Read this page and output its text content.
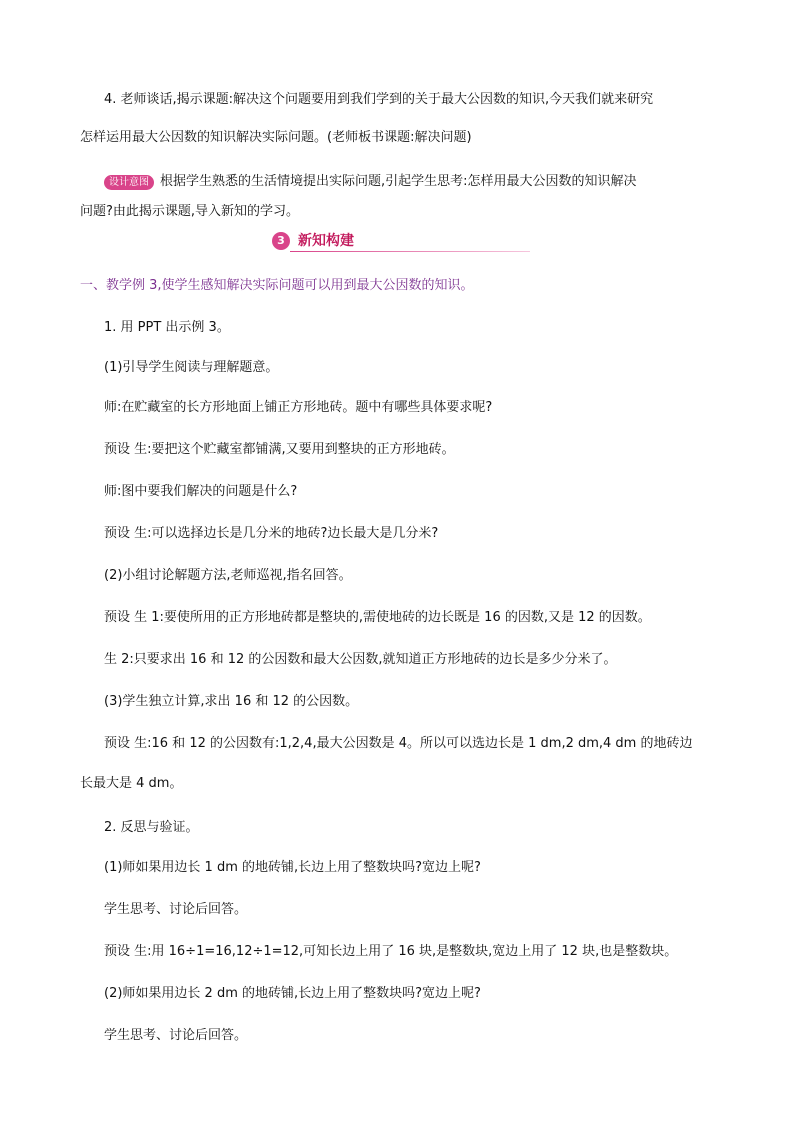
4. 老师谈话,揭示课题:解决这个问题要用到我们学到的关于最大公因数的知识,今天我们就来研究
怎样运用最大公因数的知识解决实际问题。(老师板书课题:解决问题)
设计意图 根据学生熟悉的生活情境提出实际问题,引起学生思考:怎样用最大公因数的知识解决
问题?由此揭示课题,导入新知的学习。
3 新知构建
一、教学例 3,使学生感知解决实际问题可以用到最大公因数的知识。
1. 用 PPT 出示例 3。
(1)引导学生阅读与理解题意。
师:在贮藏室的长方形地面上铺正方形地砖。题中有哪些具体要求呢?
预设 生:要把这个贮藏室都铺满,又要用到整块的正方形地砖。
师:图中要我们解决的问题是什么?
预设 生:可以选择边长是几分米的地砖?边长最大是几分米?
(2)小组讨论解题方法,老师巡视,指名回答。
预设 生 1:要使所用的正方形地砖都是整块的,需使地砖的边长既是 16 的因数,又是 12 的因数。
生 2:只要求出 16 和 12 的公因数和最大公因数,就知道正方形地砖的边长是多少分米了。
(3)学生独立计算,求出 16 和 12 的公因数。
预设 生:16 和 12 的公因数有:1,2,4,最大公因数是 4。所以可以选边长是 1 dm,2 dm,4 dm 的地砖边
长最大是 4 dm。
2. 反思与验证。
(1)师如果用边长 1 dm 的地砖铺,长边上用了整数块吗?宽边上呢?
学生思考、讨论后回答。
预设 生:用 16÷1=16,12÷1=12,可知长边上用了 16 块,是整数块,宽边上用了 12 块,也是整数块。
(2)师如果用边长 2 dm 的地砖铺,长边上用了整数块吗?宽边上呢?
学生思考、讨论后回答。
